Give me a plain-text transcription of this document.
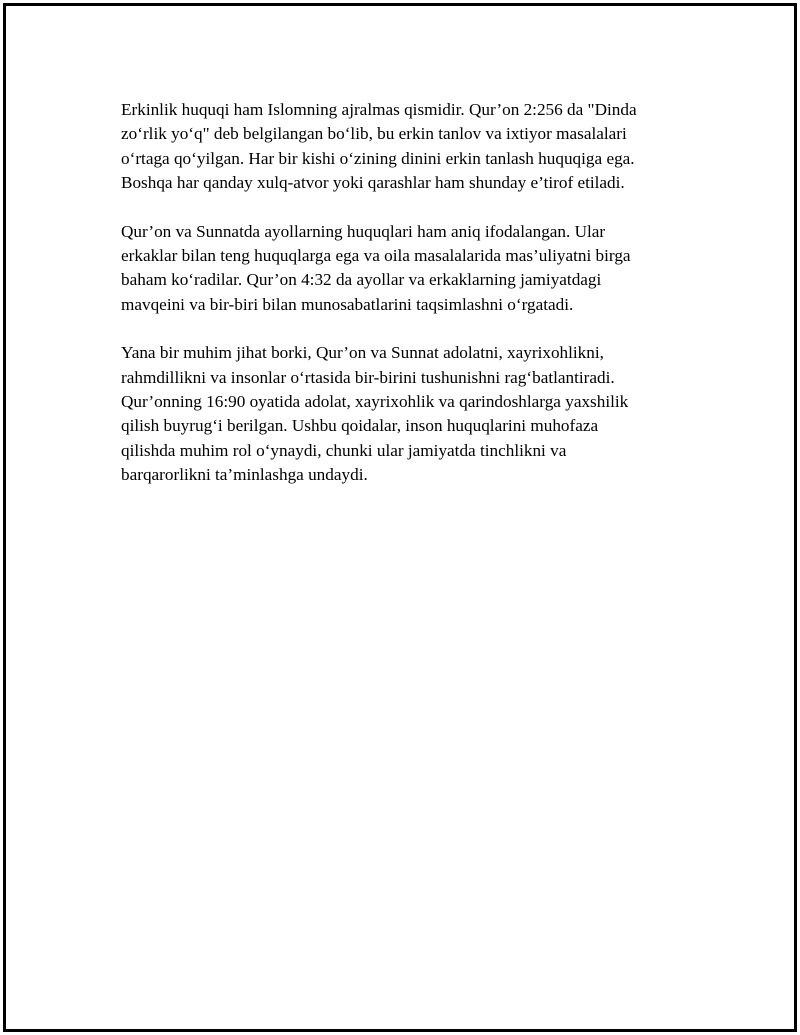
Erkinlik huquqi ham Islomning ajralmas qismidir. Qur’on 2:256 da "Dinda
zo‘rlik yo‘q" deb belgilangan bo‘lib, bu erkin tanlov va ixtiyor masalalari
o‘rtaga qo‘yilgan. Har bir kishi o‘zining dinini erkin tanlash huquqiga ega.
Boshqa har qanday xulq-atvor yoki qarashlar ham shunday e’tirof etiladi.

Qur’on va Sunnatda ayollarning huquqlari ham aniq ifodalangan. Ular
erkaklar bilan teng huquqlarga ega va oila masalalarida mas’uliyatni birga
baham ko‘radilar. Qur’on 4:32 da ayollar va erkaklarning jamiyatdagi
mavqeini va bir-biri bilan munosabatlarini taqsimlashni o‘rgatadi.

Yana bir muhim jihat borki, Qur’on va Sunnat adolatni, xayrixohlikni,
rahmdillikni va insonlar o‘rtasida bir-birini tushunishni rag‘batlantiradi.
Qur’onning 16:90 oyatida adolat, xayrixohlik va qarindoshlarga yaxshilik
qilish buyrug‘i berilgan. Ushbu qoidalar, inson huquqlarini muhofaza
qilishda muhim rol o‘ynaydi, chunki ular jamiyatda tinchlikni va
barqarorlikni ta’minlashga undaydi.
